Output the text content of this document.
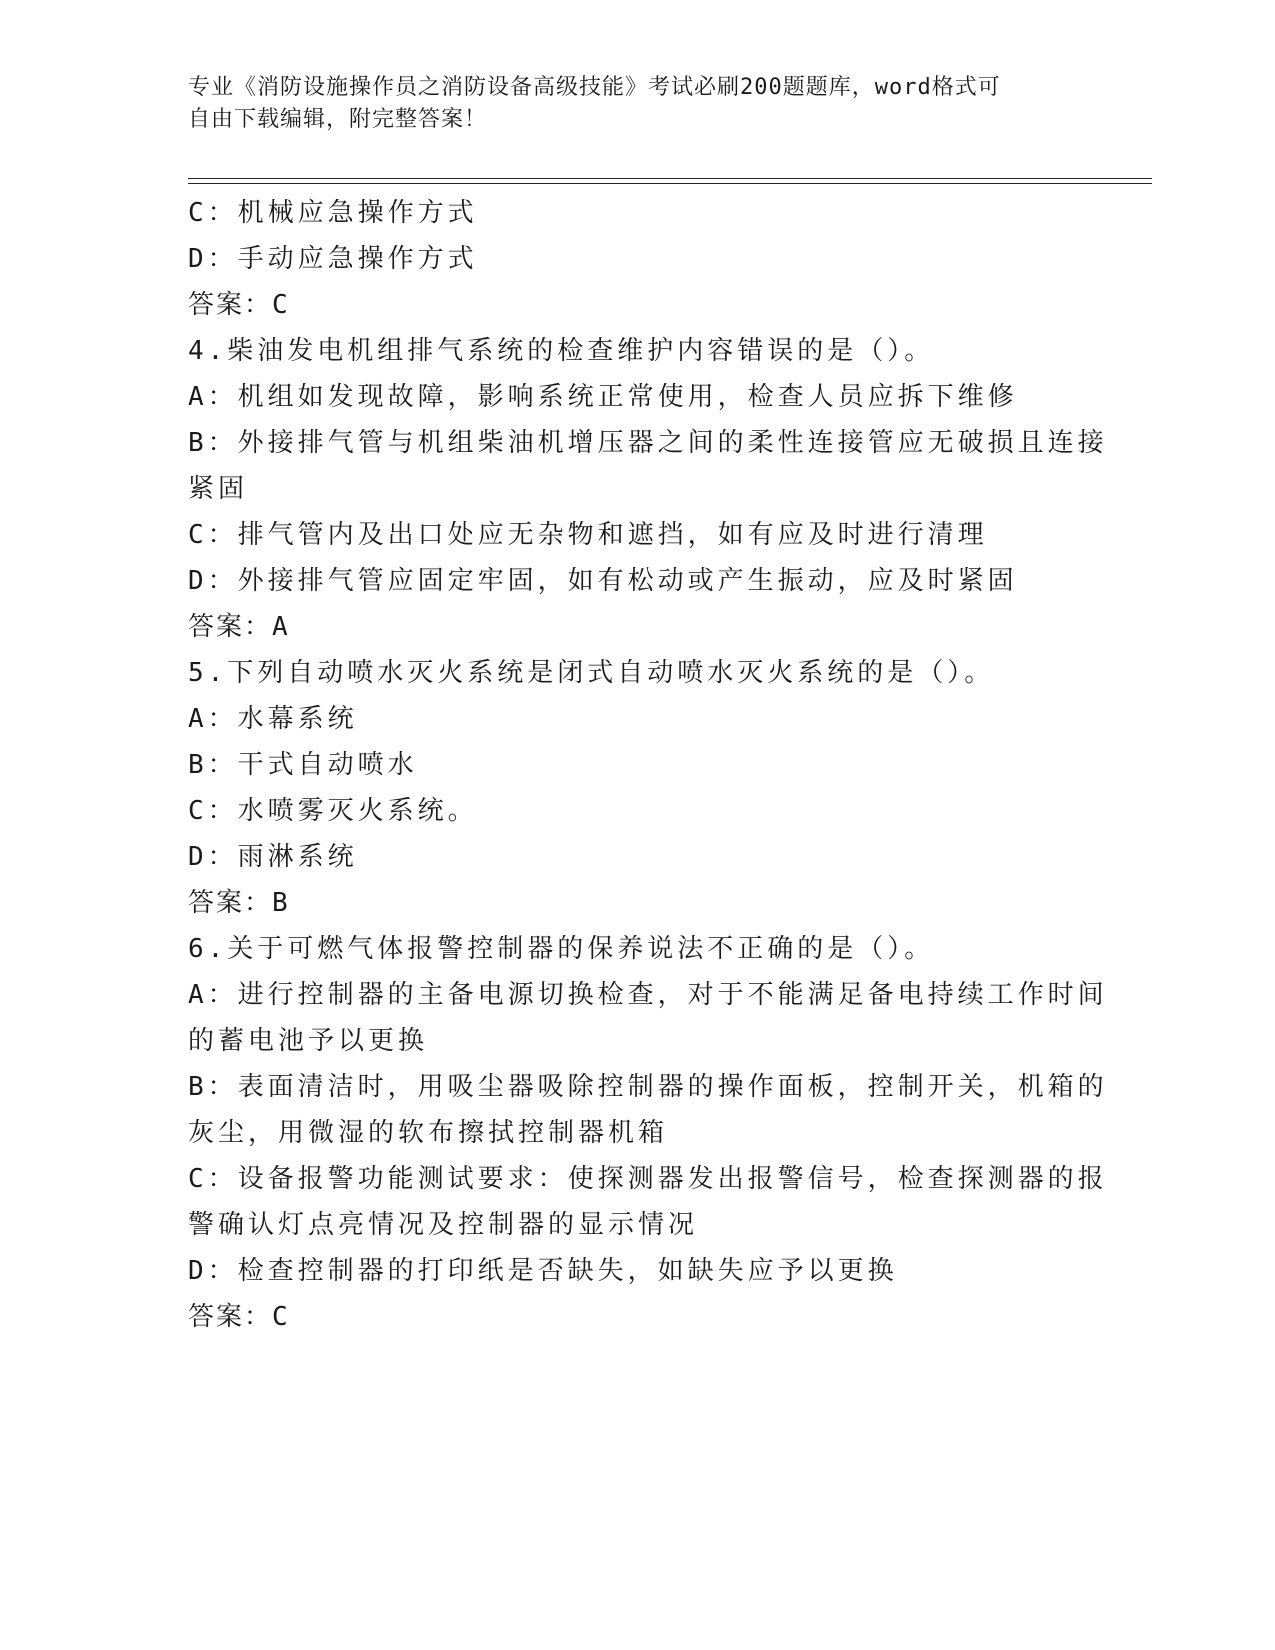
专业《消防设施操作员之消防设备高级技能》考试必刷200题题库，word格式可
自由下载编辑，附完整答案！
C：机械应急操作方式
D：手动应急操作方式
答案：C
4.柴油发电机组排气系统的检查维护内容错误的是（）。
A：机组如发现故障，影响系统正常使用，检查人员应拆下维修
B：外接排气管与机组柴油机增压器之间的柔性连接管应无破损且连接
紧固
C：排气管内及出口处应无杂物和遮挡，如有应及时进行清理
D：外接排气管应固定牢固，如有松动或产生振动，应及时紧固
答案：A
5.下列自动喷水灭火系统是闭式自动喷水灭火系统的是（）。
A：水幕系统
B：干式自动喷水
C：水喷雾灭火系统。
D：雨淋系统
答案：B
6.关于可燃气体报警控制器的保养说法不正确的是（）。
A：进行控制器的主备电源切换检查，对于不能满足备电持续工作时间
的蓄电池予以更换
B：表面清洁时，用吸尘器吸除控制器的操作面板，控制开关，机箱的
灰尘，用微湿的软布擦拭控制器机箱
C：设备报警功能测试要求：使探测器发出报警信号，检查探测器的报
警确认灯点亮情况及控制器的显示情况
D：检查控制器的打印纸是否缺失，如缺失应予以更换
答案：C
